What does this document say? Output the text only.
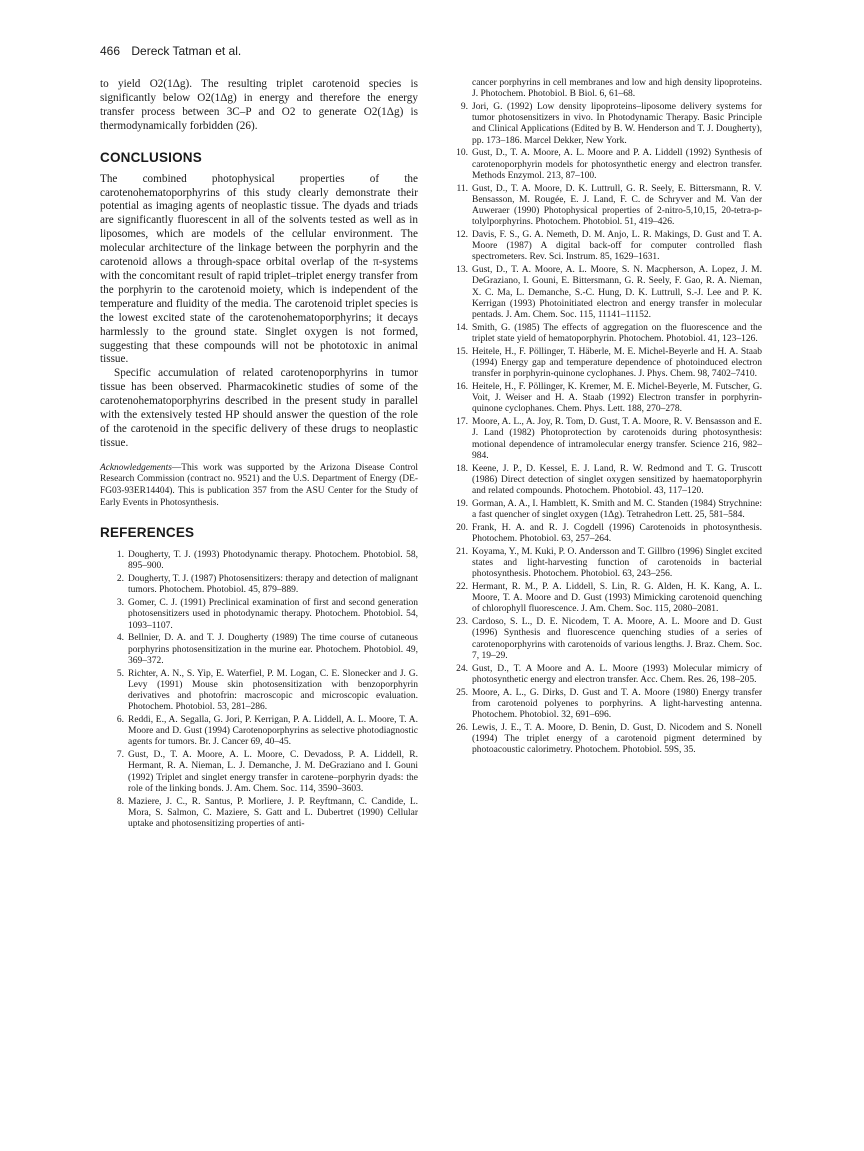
466 Dereck Tatman et al.

to yield O2(1Δg). The resulting triplet carotenoid species is significantly below O2(1Δg) in energy and therefore the energy transfer process between 3C–P and O2 to generate O2(1Δg) is thermodynamically forbidden (26).

CONCLUSIONS

The combined photophysical properties of the carotenohematoporphyrins of this study clearly demonstrate their potential as imaging agents of neoplastic tissue. The dyads and triads are significantly fluorescent in all of the solvents tested as well as in liposomes, which are models of the cellular environment. The molecular architecture of the linkage between the porphyrin and the carotenoid allows a through-space orbital overlap of the π-systems with the concomitant result of rapid triplet–triplet energy transfer from the porphyrin to the carotenoid moiety, which is independent of the temperature and fluidity of the media. The carotenoid triplet species is the lowest excited state of the carotenohematoporphyrins; it decays harmlessly to the ground state. Singlet oxygen is not formed, suggesting that these compounds will not be phototoxic in animal tissue.

Specific accumulation of related carotenoporphyrins in tumor tissue has been observed. Pharmacokinetic studies of some of the carotenohematoporphyrins described in the present study in parallel with the extensively tested HP should answer the question of the role of the carotenoid in the specific delivery of these drugs to neoplastic tissue.

Acknowledgements—This work was supported by the Arizona Disease Control Research Commission (contract no. 9521) and the U.S. Department of Energy (DE-FG03-93ER14404). This is publication 357 from the ASU Center for the Study of Early Events in Photosynthesis.

REFERENCES
1. Dougherty, T. J. (1993) Photodynamic therapy. Photochem. Photobiol. 58, 895–900.
2. Dougherty, T. J. (1987) Photosensitizers: therapy and detection of malignant tumors. Photochem. Photobiol. 45, 879–889.
3. Gomer, C. J. (1991) Preclinical examination of first and second generation photosensitizers used in photodynamic therapy. Photochem. Photobiol. 54, 1093–1107.
4. Bellnier, D. A. and T. J. Dougherty (1989) The time course of cutaneous porphyrins photosensitization in the murine ear. Photochem. Photobiol. 49, 369–372.
5. Richter, A. N., S. Yip, E. Waterfiel, P. M. Logan, C. E. Slonecker and J. G. Levy (1991) Mouse skin photosensitization with benzoporphyrin derivatives and photofrin: macroscopic and microscopic evaluation. Photochem. Photobiol. 53, 281–286.
6. Reddi, E., A. Segalla, G. Jori, P. Kerrigan, P. A. Liddell, A. L. Moore, T. A. Moore and D. Gust (1994) Carotenoporphyrins as selective photodiagnostic agents for tumors. Br. J. Cancer 69, 40–45.
7. Gust, D., T. A. Moore, A. L. Moore, C. Devadoss, P. A. Liddell, R. Hermant, R. A. Nieman, L. J. Demanche, J. M. DeGraziano and I. Gouni (1992) Triplet and singlet energy transfer in carotene–porphyrin dyads: the role of the linking bonds. J. Am. Chem. Soc. 114, 3590–3603.
8. Maziere, J. C., R. Santus, P. Morliere, J. P. Reyftmann, C. Candide, L. Mora, S. Salmon, C. Maziere, S. Gatt and L. Dubertret (1990) Cellular uptake and photosensitizing properties of anti-

cancer porphyrins in cell membranes and low and high density lipoproteins. J. Photochem. Photobiol. B Biol. 6, 61–68.

9. Jori, G. (1992) Low density lipoproteins–liposome delivery systems for tumor photosensitizers in vivo. In Photodynamic Therapy. Basic Principle and Clinical Applications (Edited by B. W. Henderson and T. J. Dougherty), pp. 173–186. Marcel Dekker, New York.
10. Gust, D., T. A. Moore, A. L. Moore and P. A. Liddell (1992) Synthesis of carotenoporphyrin models for photosynthetic energy and electron transfer. Methods Enzymol. 213, 87–100.
11. Gust, D., T. A. Moore, D. K. Luttrull, G. R. Seely, E. Bittersmann, R. V. Bensasson, M. Rougée, E. J. Land, F. C. de Schryver and M. Van der Auweraer (1990) Photophysical properties of 2-nitro-5,10,15, 20-tetra-p-tolylporphyrins. Photochem. Photobiol. 51, 419–426.
12. Davis, F. S., G. A. Nemeth, D. M. Anjo, L. R. Makings, D. Gust and T. A. Moore (1987) A digital back-off for computer controlled flash spectrometers. Rev. Sci. Instrum. 85, 1629–1631.
13. Gust, D., T. A. Moore, A. L. Moore, S. N. Macpherson, A. Lopez, J. M. DeGraziano, I. Gouni, E. Bittersmann, G. R. Seely, F. Gao, R. A. Nieman, X. C. Ma, L. Demanche, S.-C. Hung, D. K. Luttrull, S.-J. Lee and P. K. Kerrigan (1993) Photoinitiated electron and energy transfer in molecular pentads. J. Am. Chem. Soc. 115, 11141–11152.
14. Smith, G. (1985) The effects of aggregation on the fluorescence and the triplet state yield of hematoporphyrin. Photochem. Photobiol. 41, 123–126.
15. Heitele, H., F. Pöllinger, T. Häberle, M. E. Michel-Beyerle and H. A. Staab (1994) Energy gap and temperature dependence of photoinduced electron transfer in porphyrin-quinone cyclophanes. J. Phys. Chem. 98, 7402–7410.
16. Heitele, H., F. Pöllinger, K. Kremer, M. E. Michel-Beyerle, M. Futscher, G. Voit, J. Weiser and H. A. Staab (1992) Electron transfer in porphyrin-quinone cyclophanes. Chem. Phys. Lett. 188, 270–278.
17. Moore, A. L., A. Joy, R. Tom, D. Gust, T. A. Moore, R. V. Bensasson and E. J. Land (1982) Photoprotection by carotenoids during photosynthesis: motional dependence of intramolecular energy transfer. Science 216, 982–984.
18. Keene, J. P., D. Kessel, E. J. Land, R. W. Redmond and T. G. Truscott (1986) Direct detection of singlet oxygen sensitized by haematoporphyrin and related compounds. Photochem. Photobiol. 43, 117–120.
19. Gorman, A. A., I. Hamblett, K. Smith and M. C. Standen (1984) Strychnine: a fast quencher of singlet oxygen (1Δg). Tetrahedron Lett. 25, 581–584.
20. Frank, H. A. and R. J. Cogdell (1996) Carotenoids in photosynthesis. Photochem. Photobiol. 63, 257–264.
21. Koyama, Y., M. Kuki, P. O. Andersson and T. Gillbro (1996) Singlet excited states and light-harvesting function of carotenoids in bacterial photosynthesis. Photochem. Photobiol. 63, 243–256.
22. Hermant, R. M., P. A. Liddell, S. Lin, R. G. Alden, H. K. Kang, A. L. Moore, T. A. Moore and D. Gust (1993) Mimicking carotenoid quenching of chlorophyll fluorescence. J. Am. Chem. Soc. 115, 2080–2081.
23. Cardoso, S. L., D. E. Nicodem, T. A. Moore, A. L. Moore and D. Gust (1996) Synthesis and fluorescence quenching studies of a series of carotenoporphyrins with carotenoids of various lengths. J. Braz. Chem. Soc. 7, 19–29.
24. Gust, D., T. A Moore and A. L. Moore (1993) Molecular mimicry of photosynthetic energy and electron transfer. Acc. Chem. Res. 26, 198–205.
25. Moore, A. L., G. Dirks, D. Gust and T. A. Moore (1980) Energy transfer from carotenoid polyenes to porphyrins. A light-harvesting antenna. Photochem. Photobiol. 32, 691–696.
26. Lewis, J. E., T. A. Moore, D. Benin, D. Gust, D. Nicodem and S. Nonell (1994) The triplet energy of a carotenoid pigment determined by photoacoustic calorimetry. Photochem. Photobiol. 59S, 35.
